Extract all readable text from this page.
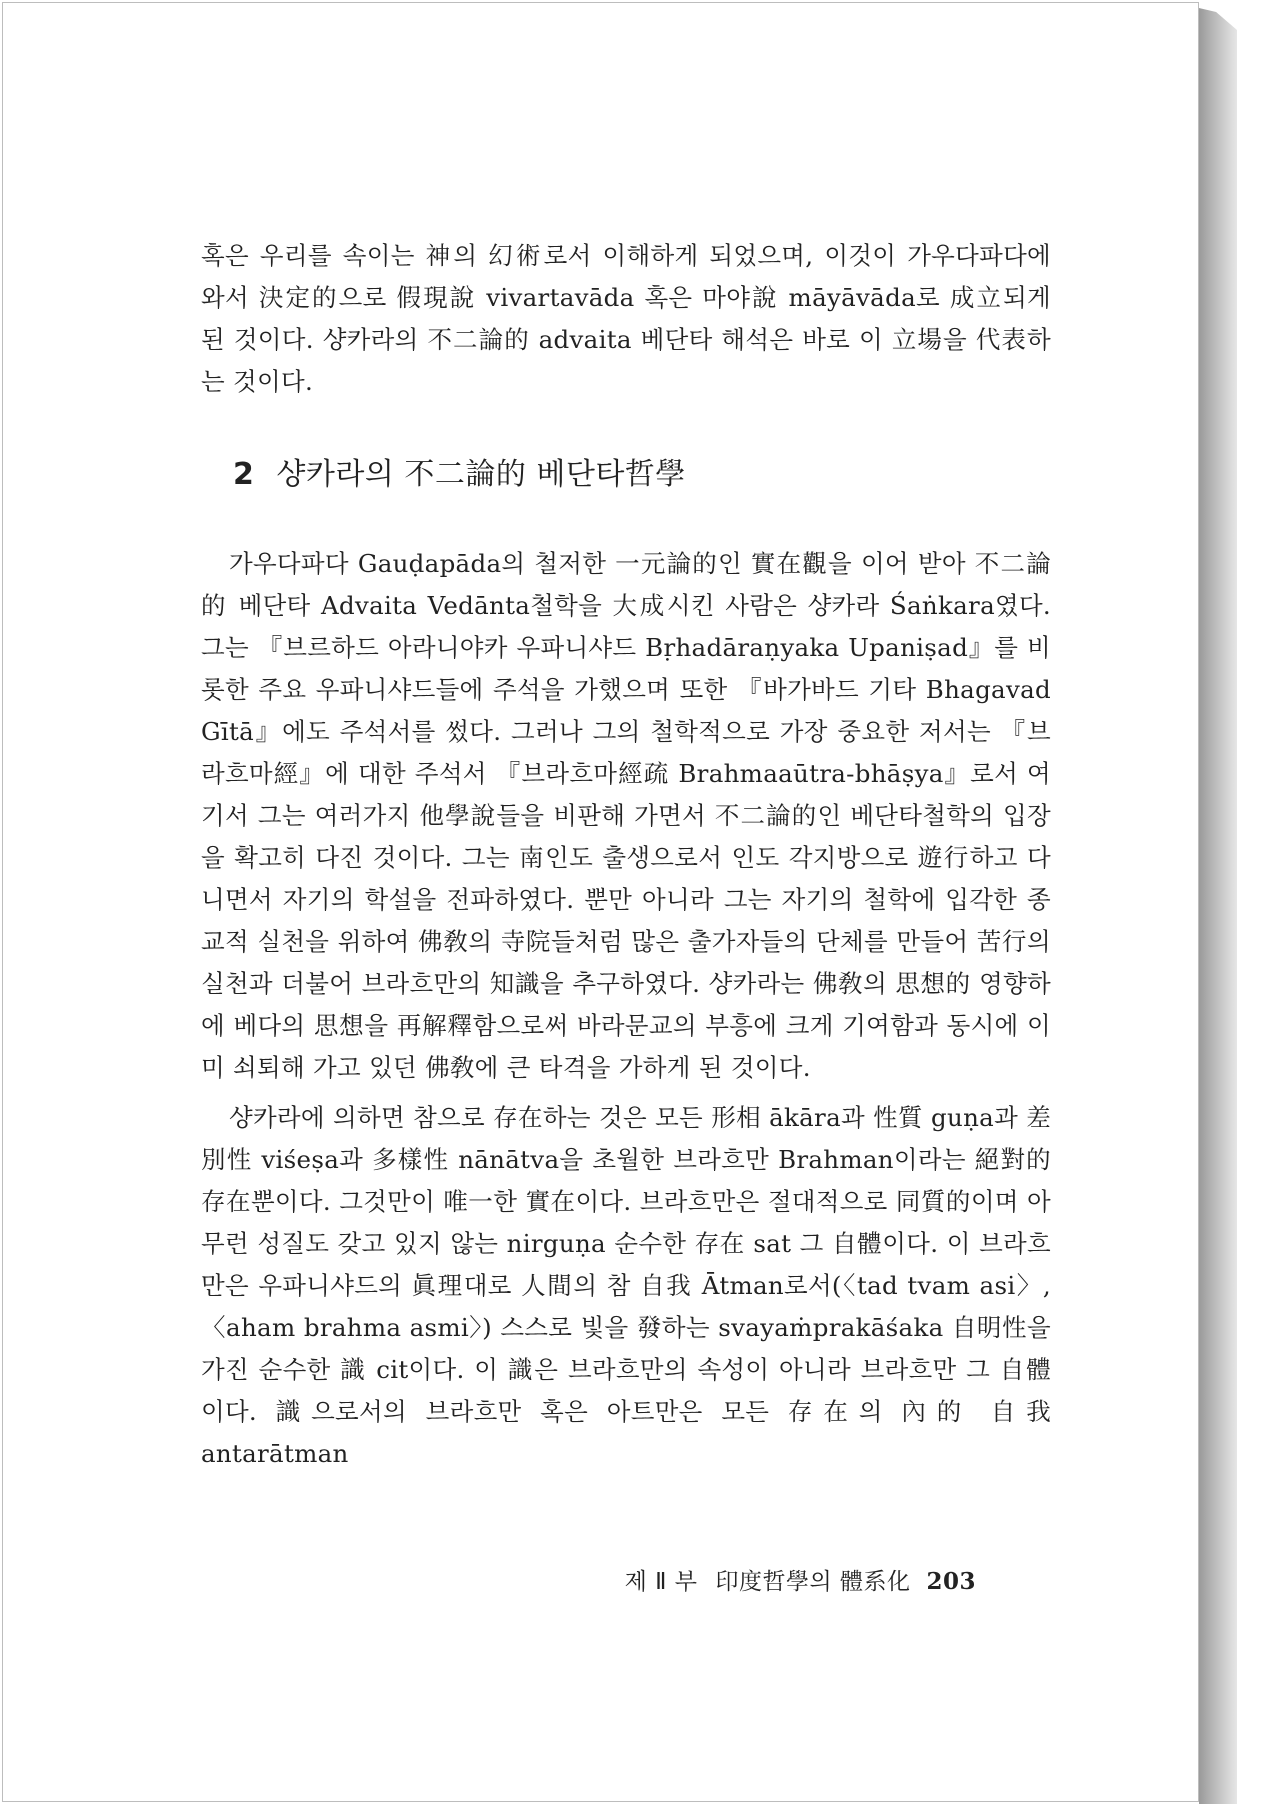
혹은 우리를 속이는 神의 幻術로서 이해하게 되었으며, 이것이 가우다파다에 와서 決定的으로 假現說 vivartavāda 혹은 마야說 māyāvāda로 成立되게 된 것이다. 샹카라의 不二論的 advaita 베단타 해석은 바로 이 立場을 代表하는 것이다.

2 샹카라의 不二論的 베단타哲學

가우다파다 Gauḍapāda의 철저한 一元論的인 實在觀을 이어 받아 不二論的 베단타 Advaita Vedānta철학을 大成시킨 사람은 샹카라 Śaṅkara였다. 그는 『브르하드 아라니야카 우파니샤드 Bṛhadāraṇyaka Upaniṣad』를 비롯한 주요 우파니샤드들에 주석을 가했으며 또한 『바가바드 기타 Bhagavad Gītā』에도 주석서를 썼다. 그러나 그의 철학적으로 가장 중요한 저서는 『브라흐마經』에 대한 주석서 『브라흐마經疏 Brahmaaūtra-bhāṣya』로서 여기서 그는 여러가지 他學說들을 비판해 가면서 不二論的인 베단타철학의 입장을 확고히 다진 것이다. 그는 南인도 출생으로서 인도 각지방으로 遊行하고 다니면서 자기의 학설을 전파하였다. 뿐만 아니라 그는 자기의 철학에 입각한 종교적 실천을 위하여 佛敎의 寺院들처럼 많은 출가자들의 단체를 만들어 苦行의 실천과 더불어 브라흐만의 知識을 추구하였다. 샹카라는 佛敎의 思想的 영향하에 베다의 思想을 再解釋함으로써 바라문교의 부흥에 크게 기여함과 동시에 이미 쇠퇴해 가고 있던 佛敎에 큰 타격을 가하게 된 것이다.

샹카라에 의하면 참으로 存在하는 것은 모든 形相 ākāra과 性質 guṇa과 差別性 viśeṣa과 多樣性 nānātva을 초월한 브라흐만 Brahman이라는 絕對的 存在뿐이다. 그것만이 唯一한 實在이다. 브라흐만은 절대적으로 同質的이며 아무런 성질도 갖고 있지 않는 nirguṇa 순수한 存在 sat 그 自體이다. 이 브라흐만은 우파니샤드의 眞理대로 人間의 참 自我 Ātman로서(〈tad tvam asi〉, 〈aham brahma asmi〉) 스스로 빛을 發하는 svayaṁprakāśaka 自明性을 가진 순수한 識 cit이다. 이 識은 브라흐만의 속성이 아니라 브라흐만 그 自體이다. 識으로서의 브라흐만 혹은 아트만은 모든 存在의 內的 自我 antarātman

제 Ⅱ 부 印度哲學의 體系化 203
